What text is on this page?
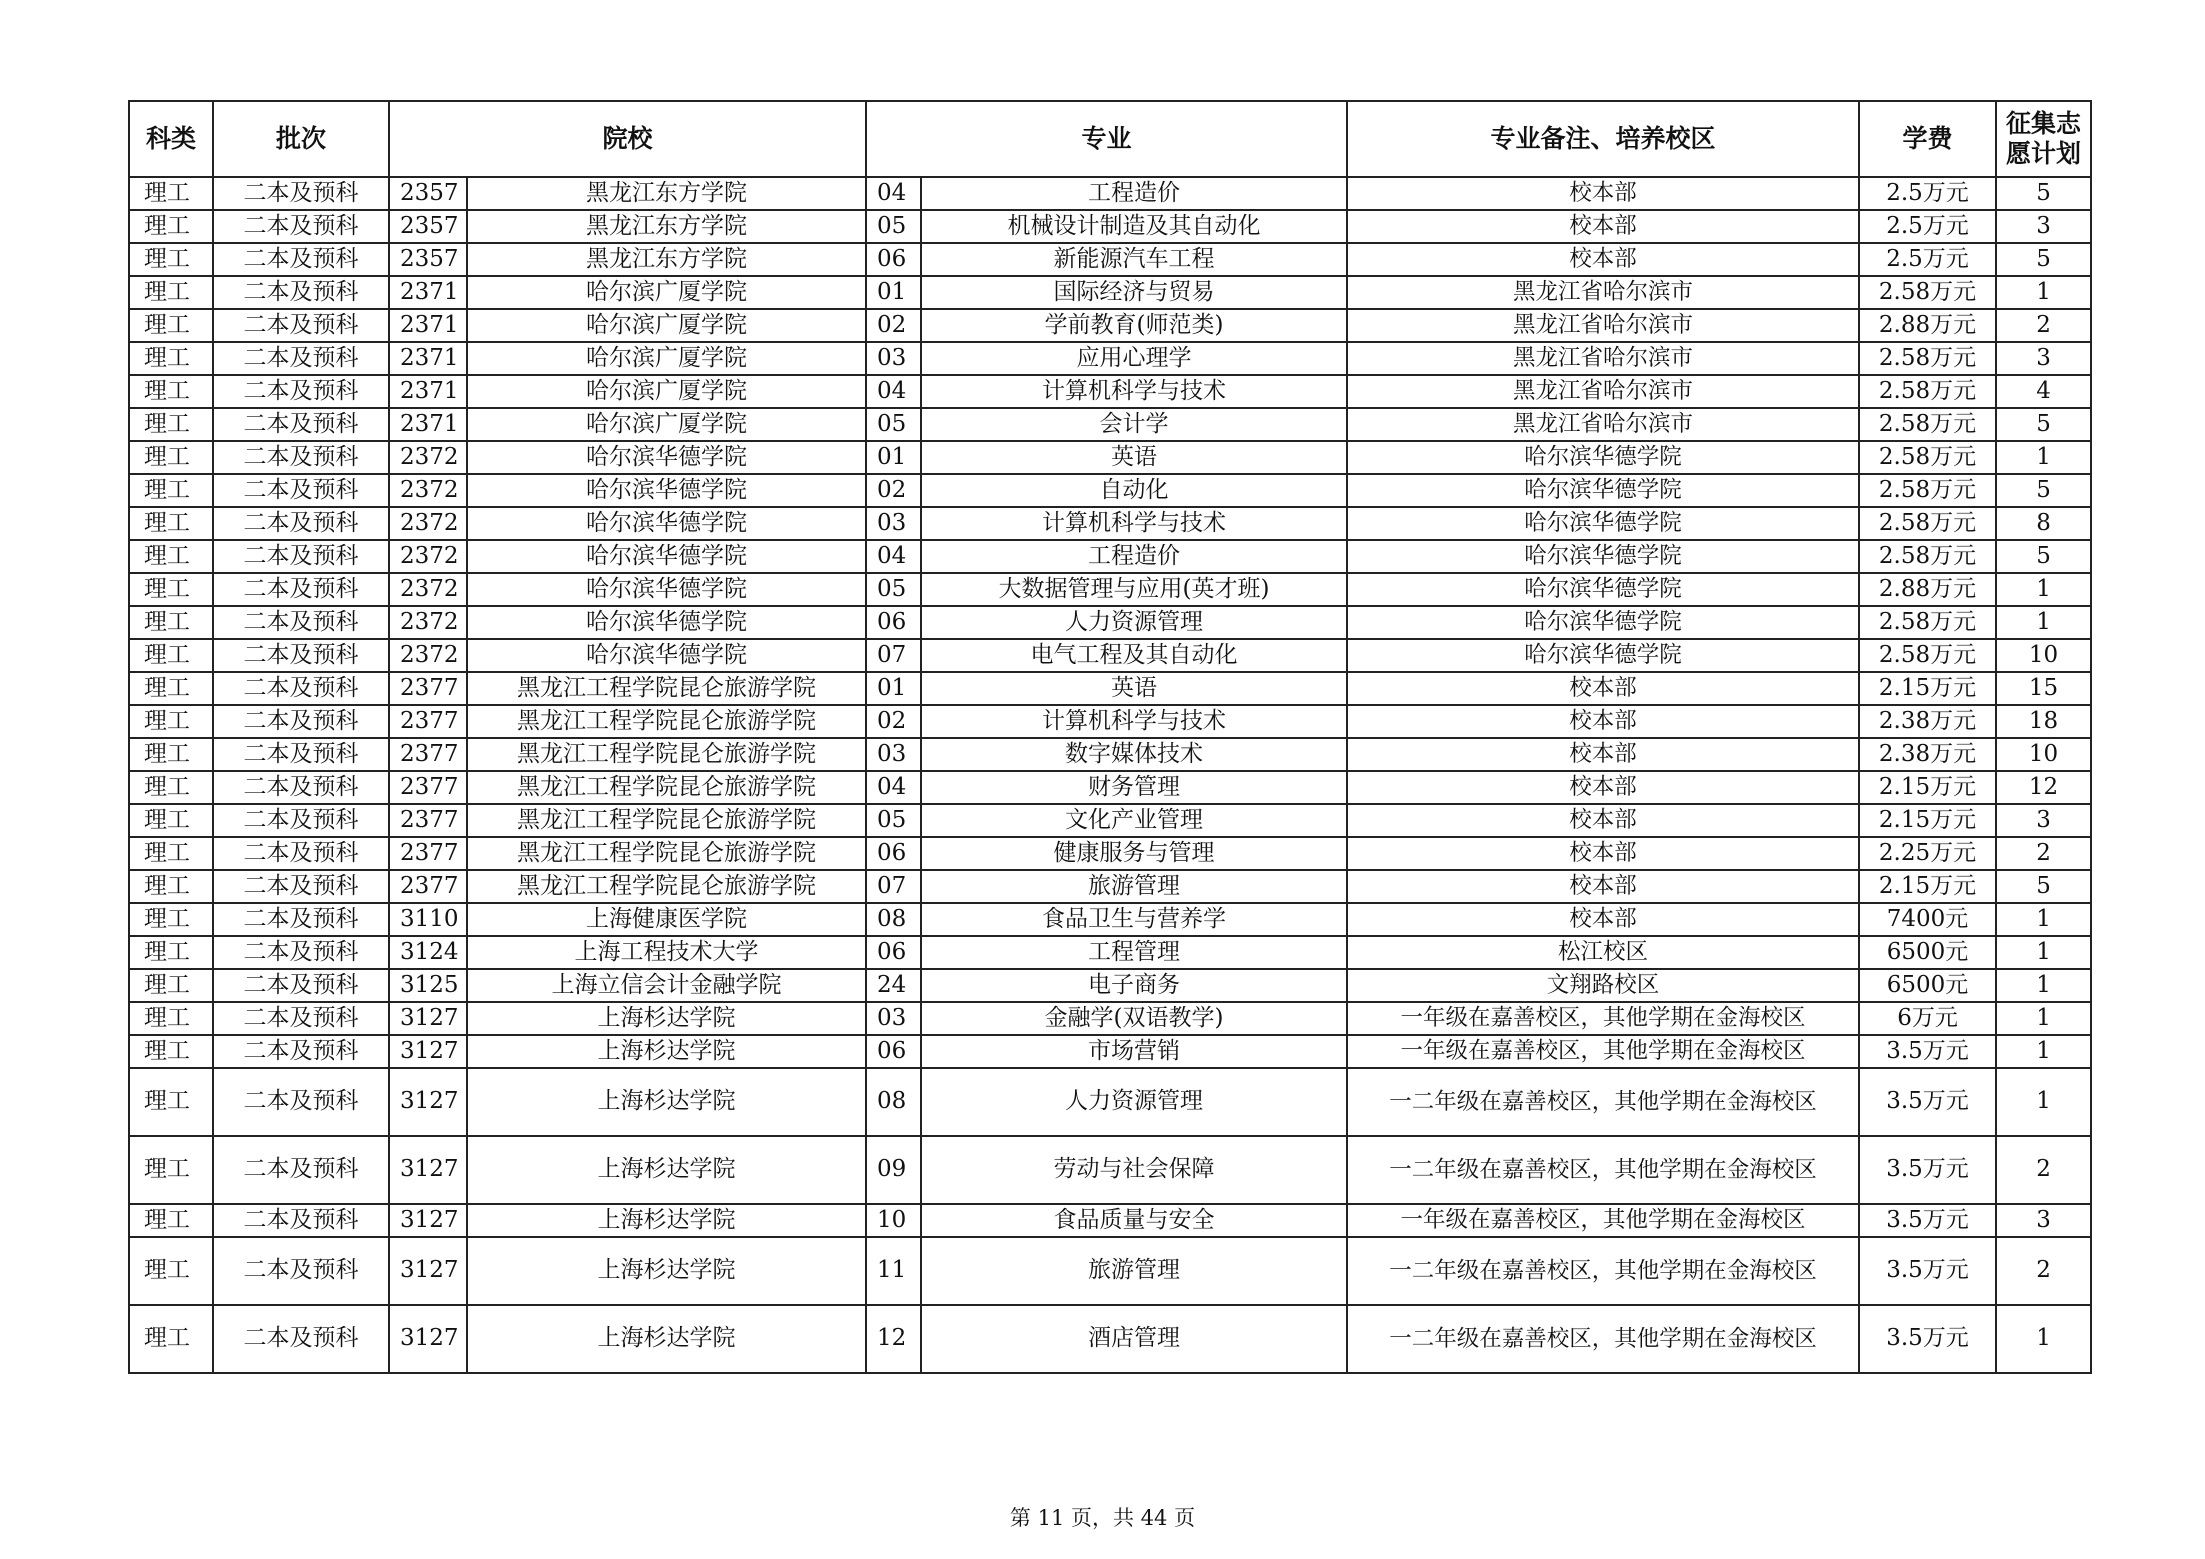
科类	批次	院校		专业		专业备注、培养校区	学费	征集志愿计划
理工	二本及预科	2357	黑龙江东方学院	04	工程造价	校本部	2.5万元	5
理工	二本及预科	2357	黑龙江东方学院	05	机械设计制造及其自动化	校本部	2.5万元	3
理工	二本及预科	2357	黑龙江东方学院	06	新能源汽车工程	校本部	2.5万元	5
理工	二本及预科	2371	哈尔滨广厦学院	01	国际经济与贸易	黑龙江省哈尔滨市	2.58万元	1
理工	二本及预科	2371	哈尔滨广厦学院	02	学前教育(师范类)	黑龙江省哈尔滨市	2.88万元	2
理工	二本及预科	2371	哈尔滨广厦学院	03	应用心理学	黑龙江省哈尔滨市	2.58万元	3
理工	二本及预科	2371	哈尔滨广厦学院	04	计算机科学与技术	黑龙江省哈尔滨市	2.58万元	4
理工	二本及预科	2371	哈尔滨广厦学院	05	会计学	黑龙江省哈尔滨市	2.58万元	5
理工	二本及预科	2372	哈尔滨华德学院	01	英语	哈尔滨华德学院	2.58万元	1
理工	二本及预科	2372	哈尔滨华德学院	02	自动化	哈尔滨华德学院	2.58万元	5
理工	二本及预科	2372	哈尔滨华德学院	03	计算机科学与技术	哈尔滨华德学院	2.58万元	8
理工	二本及预科	2372	哈尔滨华德学院	04	工程造价	哈尔滨华德学院	2.58万元	5
理工	二本及预科	2372	哈尔滨华德学院	05	大数据管理与应用(英才班)	哈尔滨华德学院	2.88万元	1
理工	二本及预科	2372	哈尔滨华德学院	06	人力资源管理	哈尔滨华德学院	2.58万元	1
理工	二本及预科	2372	哈尔滨华德学院	07	电气工程及其自动化	哈尔滨华德学院	2.58万元	10
理工	二本及预科	2377	黑龙江工程学院昆仑旅游学院	01	英语	校本部	2.15万元	15
理工	二本及预科	2377	黑龙江工程学院昆仑旅游学院	02	计算机科学与技术	校本部	2.38万元	18
理工	二本及预科	2377	黑龙江工程学院昆仑旅游学院	03	数字媒体技术	校本部	2.38万元	10
理工	二本及预科	2377	黑龙江工程学院昆仑旅游学院	04	财务管理	校本部	2.15万元	12
理工	二本及预科	2377	黑龙江工程学院昆仑旅游学院	05	文化产业管理	校本部	2.15万元	3
理工	二本及预科	2377	黑龙江工程学院昆仑旅游学院	06	健康服务与管理	校本部	2.25万元	2
理工	二本及预科	2377	黑龙江工程学院昆仑旅游学院	07	旅游管理	校本部	2.15万元	5
理工	二本及预科	3110	上海健康医学院	08	食品卫生与营养学	校本部	7400元	1
理工	二本及预科	3124	上海工程技术大学	06	工程管理	松江校区	6500元	1
理工	二本及预科	3125	上海立信会计金融学院	24	电子商务	文翔路校区	6500元	1
理工	二本及预科	3127	上海杉达学院	03	金融学(双语教学)	一年级在嘉善校区，其他学期在金海校区	6万元	1
理工	二本及预科	3127	上海杉达学院	06	市场营销	一年级在嘉善校区，其他学期在金海校区	3.5万元	1
理工	二本及预科	3127	上海杉达学院	08	人力资源管理	一二年级在嘉善校区，其他学期在金海校区	3.5万元	1
理工	二本及预科	3127	上海杉达学院	09	劳动与社会保障	一二年级在嘉善校区，其他学期在金海校区	3.5万元	2
理工	二本及预科	3127	上海杉达学院	10	食品质量与安全	一年级在嘉善校区，其他学期在金海校区	3.5万元	3
理工	二本及预科	3127	上海杉达学院	11	旅游管理	一二年级在嘉善校区，其他学期在金海校区	3.5万元	2
理工	二本及预科	3127	上海杉达学院	12	酒店管理	一二年级在嘉善校区，其他学期在金海校区	3.5万元	1
第 11 页，共 44 页
